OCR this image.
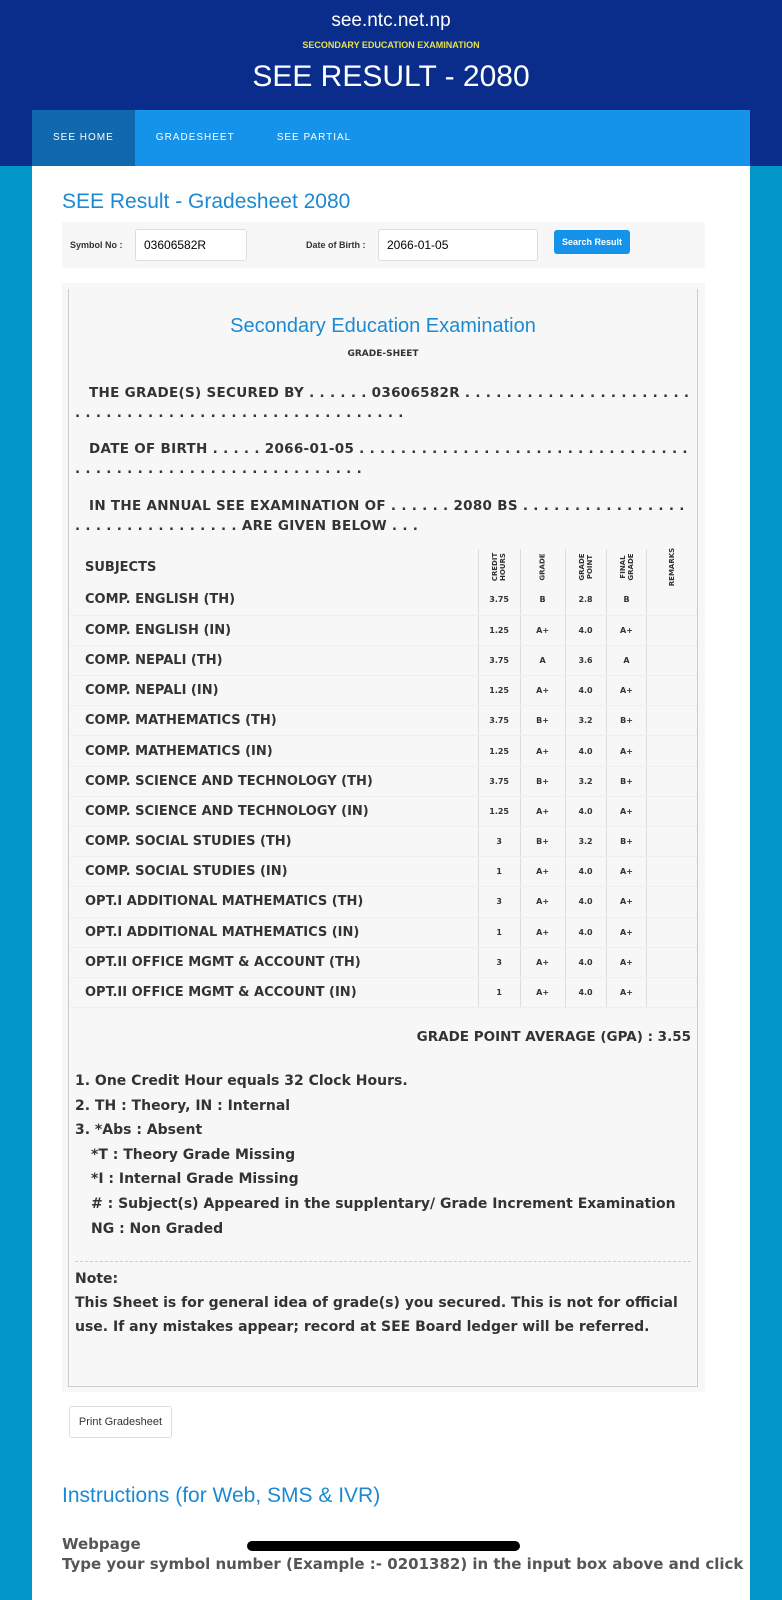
see.ntc.net.np
SECONDARY EDUCATION EXAMINATION
SEE RESULT - 2080
SEE HOME	GRADESHEET	SEE PARTIAL
SEE Result - Gradesheet 2080
Symbol No :
03606582R	Date of Birth :
2066-01-05	Search Result
Secondary Education Examination
GRADE-SHEET
THE GRADE(S) SECURED BY . . . . . . 03606582R . . . . . . . . . . . . . . . . . . . . . . . . . . . . . . . . . . . . . . . . . . . . . . . . . . . . . .
DATE OF BIRTH . . . . . 2066-01-05 . . . . . . . . . . . . . . . . . . . . . . . . . . . . . . . . . . . . . . . . . . . . . . . . . . . . . . . . . . . .
IN THE ANNUAL SEE EXAMINATION OF . . . . . . 2080 BS . . . . . . . . . . . . . . . . . . . . . . . . . . . . . . . . ARE GIVEN BELOW . . .
SUBJECTS	CREDIT HOURS	GRADE	GRADE POINT	FINAL GRADE	REMARKS
COMP. ENGLISH (TH)	3.75	B	2.8	B	
COMP. ENGLISH (IN)	1.25	A+	4.0	A+	
COMP. NEPALI (TH)	3.75	A	3.6	A	
COMP. NEPALI (IN)	1.25	A+	4.0	A+	
COMP. MATHEMATICS (TH)	3.75	B+	3.2	B+	
COMP. MATHEMATICS (IN)	1.25	A+	4.0	A+	
COMP. SCIENCE AND TECHNOLOGY (TH)	3.75	B+	3.2	B+	
COMP. SCIENCE AND TECHNOLOGY (IN)	1.25	A+	4.0	A+	
COMP. SOCIAL STUDIES (TH)	3	B+	3.2	B+	
COMP. SOCIAL STUDIES (IN)	1	A+	4.0	A+	
OPT.I ADDITIONAL MATHEMATICS (TH)	3	A+	4.0	A+	
OPT.I ADDITIONAL MATHEMATICS (IN)	1	A+	4.0	A+	
OPT.II OFFICE MGMT & ACCOUNT (TH)	3	A+	4.0	A+	
OPT.II OFFICE MGMT & ACCOUNT (IN)	1	A+	4.0	A+	
GRADE POINT AVERAGE (GPA) : 3.55
1. One Credit Hour equals 32 Clock Hours.
2. TH : Theory, IN : Internal
3. *Abs : Absent
*T : Theory Grade Missing
*I : Internal Grade Missing
# : Subject(s) Appeared in the supplentary/ Grade Increment Examination
NG : Non Graded
Note:
This Sheet is for general idea of grade(s) you secured. This is not for official use. If any mistakes appear; record at SEE Board ledger will be referred.
Print Gradesheet
Instructions (for Web, SMS & IVR)
Webpage
Type your symbol number (Example :- 0201382) in the input box above and click
